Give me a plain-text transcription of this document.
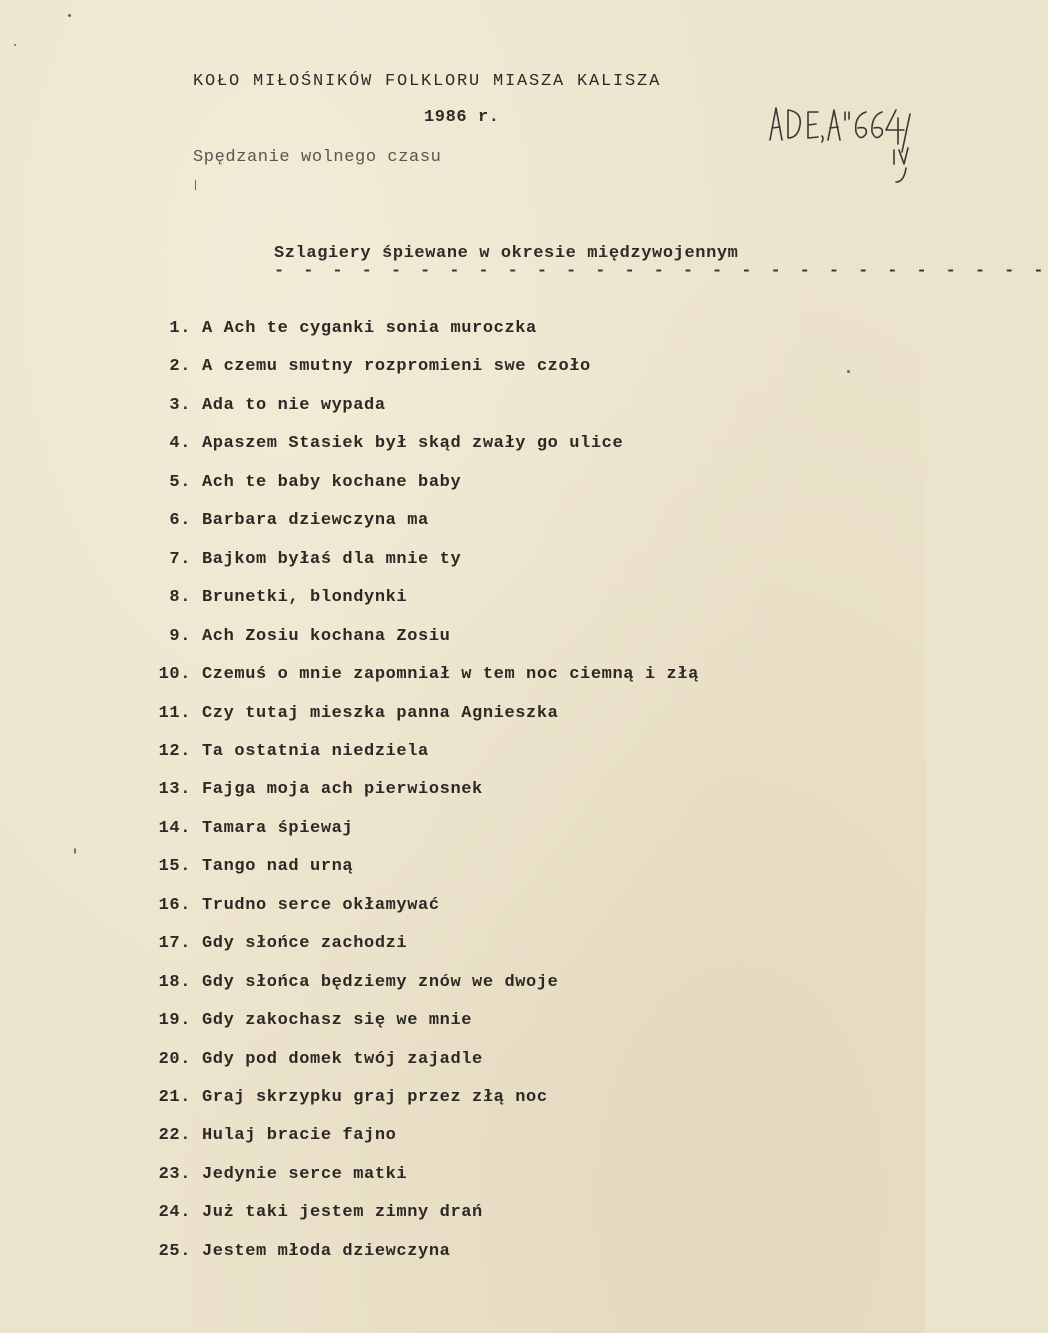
KOŁO MIŁOŚNIKÓW FOLKLORU MIASZA KALISZA
1986 r.
Spędzanie wolnego czasu
Szlagiery śpiewane w okresie międzywojennym
- - - - - - - - - - - - - - - - - - - - - - - - - - -
1. A Ach te cyganki sonia muroczka
2. A czemu smutny rozpromieni swe czoło
3. Ada to nie wypada
4. Apaszem Stasiek był skąd zwały go ulice
5. Ach te baby kochane baby
6. Barbara dziewczyna ma
7. Bajkom byłaś dla mnie ty
8. Brunetki, blondynki
9. Ach Zosiu kochana Zosiu
10. Czemuś o mnie zapomniał w tem noc ciemną i złą
11. Czy tutaj mieszka panna Agnieszka
12. Ta ostatnia niedziela
13. Fajga moja ach pierwiosnek
14. Tamara śpiewaj
15. Tango nad urną
16. Trudno serce okłamywać
17. Gdy słońce zachodzi
18. Gdy słońca będziemy znów we dwoje
19. Gdy zakochasz się we mnie
20. Gdy pod domek twój zajadle
21. Graj skrzypku graj przez złą noc
22. Hulaj bracie fajno
23. Jedynie serce matki
24. Już taki jestem zimny drań
25. Jestem młoda dziewczyna
